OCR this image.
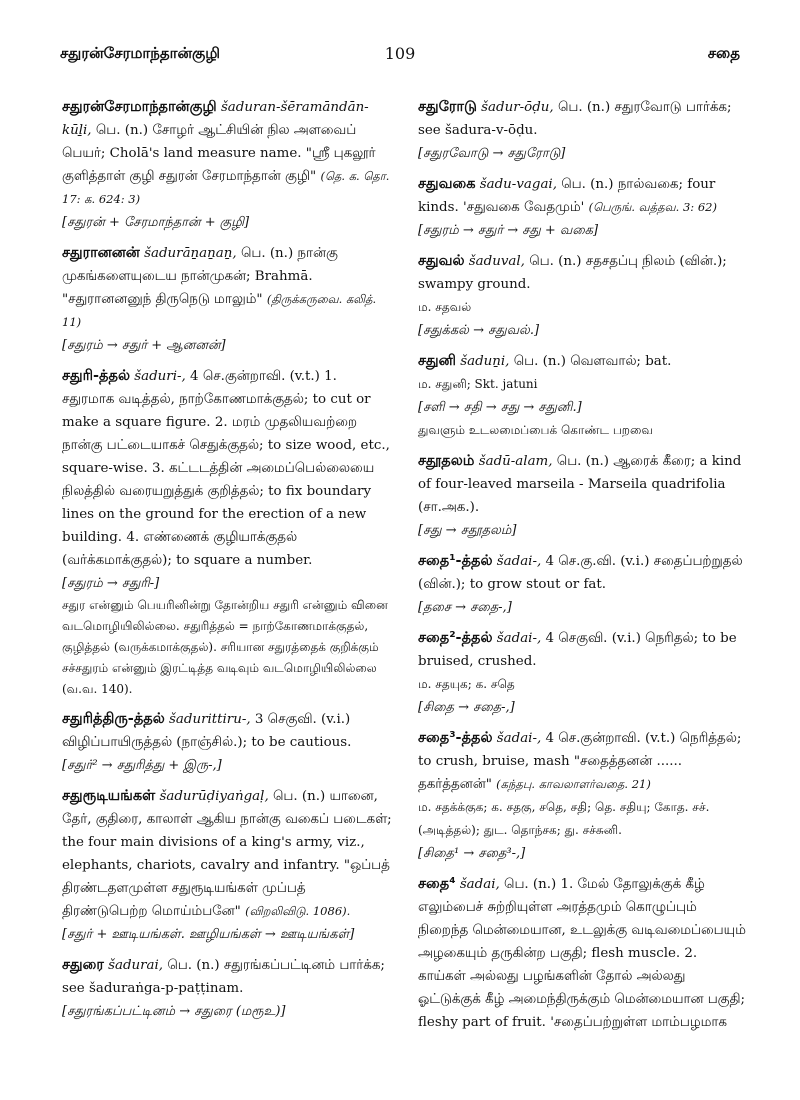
சதுரன்சேரமாந்தான்குழி	109	சதை

சதுரன்சேரமாந்தான்குழி šaduran-šēramāndān-kūḻi, பெ. (n.) சோழர் ஆட்சியின் நில அளவைப் பெயர்; Cholā's land measure name. "ஸ்ரீ புகலூர் குளித்தாள் குழி சதுரன் சேரமாந்தான் குழி" (தெ. க. தொ. 17: க. 624: 3)

[சதுரன் + சேரமாந்தான் + குழி]

சதுரானனன் šadurāṉaṉaṉ, பெ. (n.) நான்கு முகங்களையுடைய நான்முகன்; Brahmā. "சதுரானனனுந் திருநெடு மாலும்" (திருக்கருவை. கலித். 11)

[சதுரம் → சதுர் + ஆனனன்]

சதுரி-த்தல் šaduri-, 4 செ.குன்றாவி. (v.t.) 1. சதுரமாக வடித்தல், நாற்கோணமாக்குதல்; to cut or make a square figure. 2. மரம் முதலியவற்றை நான்கு பட்டையாகச் செதுக்குதல்; to size wood, etc., square-wise. 3. கட்டடத்தின் அமைப்பெல்லையை நிலத்தில் வரையறுத்துக் குறித்தல்; to fix boundary lines on the ground for the erection of a new building. 4. எண்ணைக் குழியாக்குதல் (வர்க்கமாக்குதல்); to square a number.

[சதுரம் → சதுரி-]

சதுர என்னும் பெயரினின்று தோன்றிய சதுரி என்னும் வினை வடமொழியிலில்லை. சதுரித்தல் = நாற்கோணமாக்குதல், குழித்தல் (வருக்கமாக்குதல்). சரியான சதுரத்தைக் குறிக்கும் சச்சதுரம் என்னும் இரட்டித்த வடிவும் வடமொழியிலில்லை (வ.வ. 140).

சதுரித்திரு-த்தல் šadurittiru-, 3 செகுவி. (v.i.) விழிப்பாயிருத்தல் (நாஞ்சில்.); to be cautious.

[சதுர்² → சதுரித்து + இரு-,]

சதுரூடியங்கள் šadurūḍiyaṅgaḷ, பெ. (n.) யானை, தேர், குதிரை, காலாள் ஆகிய நான்கு வகைப் படைகள்; the four main divisions of a king's army, viz., elephants, chariots, cavalry and infantry. "ஒப்பத் திரண்டதளமுள்ள சதுரூடியங்கள் முப்பத் திரண்டுபெற்ற மொய்ம்பனே" (விறலிவிடு. 1086).

[சதுர் + ஊடியங்கள். ஊழியங்கள் → ஊடியங்கள்]

சதுரை šadurai, பெ. (n.) சதுரங்கப்பட்டினம் பார்க்க; see šaduraṅga-p-paṭṭinam.

[சதுரங்கப்பட்டினம் → சதுரை (மரூஉ)]

சதுரோடு šadur-ōḍu, பெ. (n.) சதுரவோடு பார்க்க; see šadura-v-ōḍu.

[சதுரவோடு → சதுரோடு]

சதுவகை šadu-vagai, பெ. (n.) நால்வகை; four kinds. 'சதுவகை வேதமும்' (பெருங். வத்தவ. 3: 62)

[சதுரம் → சதுர் → சது + வகை]

சதுவல் šaduval, பெ. (n.) சதசதப்பு நிலம் (வின்.); swampy ground.

ம. சதவல்

[சதுக்கல் → சதுவல்.]

சதுனி šaduṉi, பெ. (n.) வௌவால்; bat.

ம. சதுனி; Skt. jatuni

[சளி → சதி → சது → சதுனி.]

துவளும் உடலமைப்பைக் கொண்ட பறவை

சதூதலம் šadū-alam, பெ. (n.) ஆரைக் கீரை; a kind of four-leaved marseila - Marseila quadrifolia (சா.அக.).

[சது → சதூதலம்]

சதை¹-த்தல் šadai-, 4 செ.கு.வி. (v.i.) சதைப்பற்றுதல் (வின்.); to grow stout or fat.

[தசை → சதை-,]

சதை²-த்தல் šadai-, 4 செகுவி. (v.i.) நெரிதல்; to be bruised, crushed.

ம. சதயுக; க. சதெ

[சிதை → சதை-,]

சதை³-த்தல் šadai-, 4 செ.குன்றாவி. (v.t.) நெரித்தல்; to crush, bruise, mash "சதைத்தனன் ...... தகர்த்தனன்" (கந்தபு. காவலாளர்வதை. 21)

ம. சதக்க்குக; க. சதகு, சதெ, சதி; தெ. சதியு; கோத. சச். (அடித்தல்); துட. தொந்சக; து. சச்சுனி.

[சிதை¹ → சதை³-,]

சதை⁴ šadai, பெ. (n.) 1. மேல் தோலுக்குக் கீழ் எலும்பைச் சுற்றியுள்ள அரத்தமும் கொழுப்பும் நிறைந்த மென்மையான, உடலுக்கு வடிவமைப்பையும் அழகையும் தருகின்ற பகுதி; flesh muscle. 2. காய்கள் அல்லது பழங்களின் தோல் அல்லது ஓட்டுக்குக் கீழ் அமைந்திருக்கும் மென்மையான பகுதி; fleshy part of fruit. 'சதைப்பற்றுள்ள மாம்பழமாக
